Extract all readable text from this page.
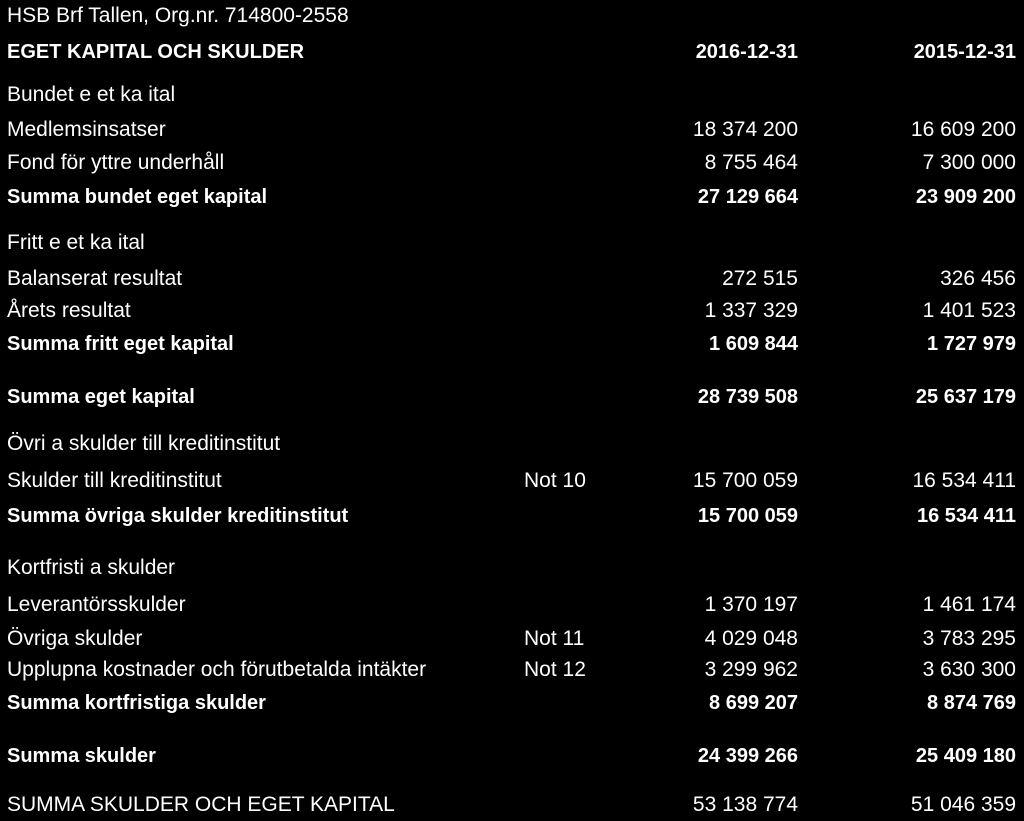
HSB Brf Tallen, Org.nr. 714800-2558
EGET KAPITAL OCH SKULDER	2016-12-31	2015-12-31
Bundet e et ka ital
Medlemsinsatser	18 374 200	16 609 200
Fond för yttre underhåll	8 755 464	7 300 000
Summa bundet eget kapital	27 129 664	23 909 200
Fritt e et ka ital
Balanserat resultat	272 515	326 456
Årets resultat	1 337 329	1 401 523
Summa fritt eget kapital	1 609 844	1 727 979
Summa eget kapital	28 739 508	25 637 179
Övri a skulder till kreditinstitut
Skulder till kreditinstitut	Not 10	15 700 059	16 534 411
Summa övriga skulder kreditinstitut	15 700 059	16 534 411
Kortfristi a skulder
Leverantörsskulder	1 370 197	1 461 174
Övriga skulder	Not 11	4 029 048	3 783 295
Upplupna kostnader och förutbetalda intäkter	Not 12	3 299 962	3 630 300
Summa kortfristiga skulder	8 699 207	8 874 769
Summa skulder	24 399 266	25 409 180
SUMMA SKULDER OCH EGET KAPITAL	53 138 774	51 046 359
